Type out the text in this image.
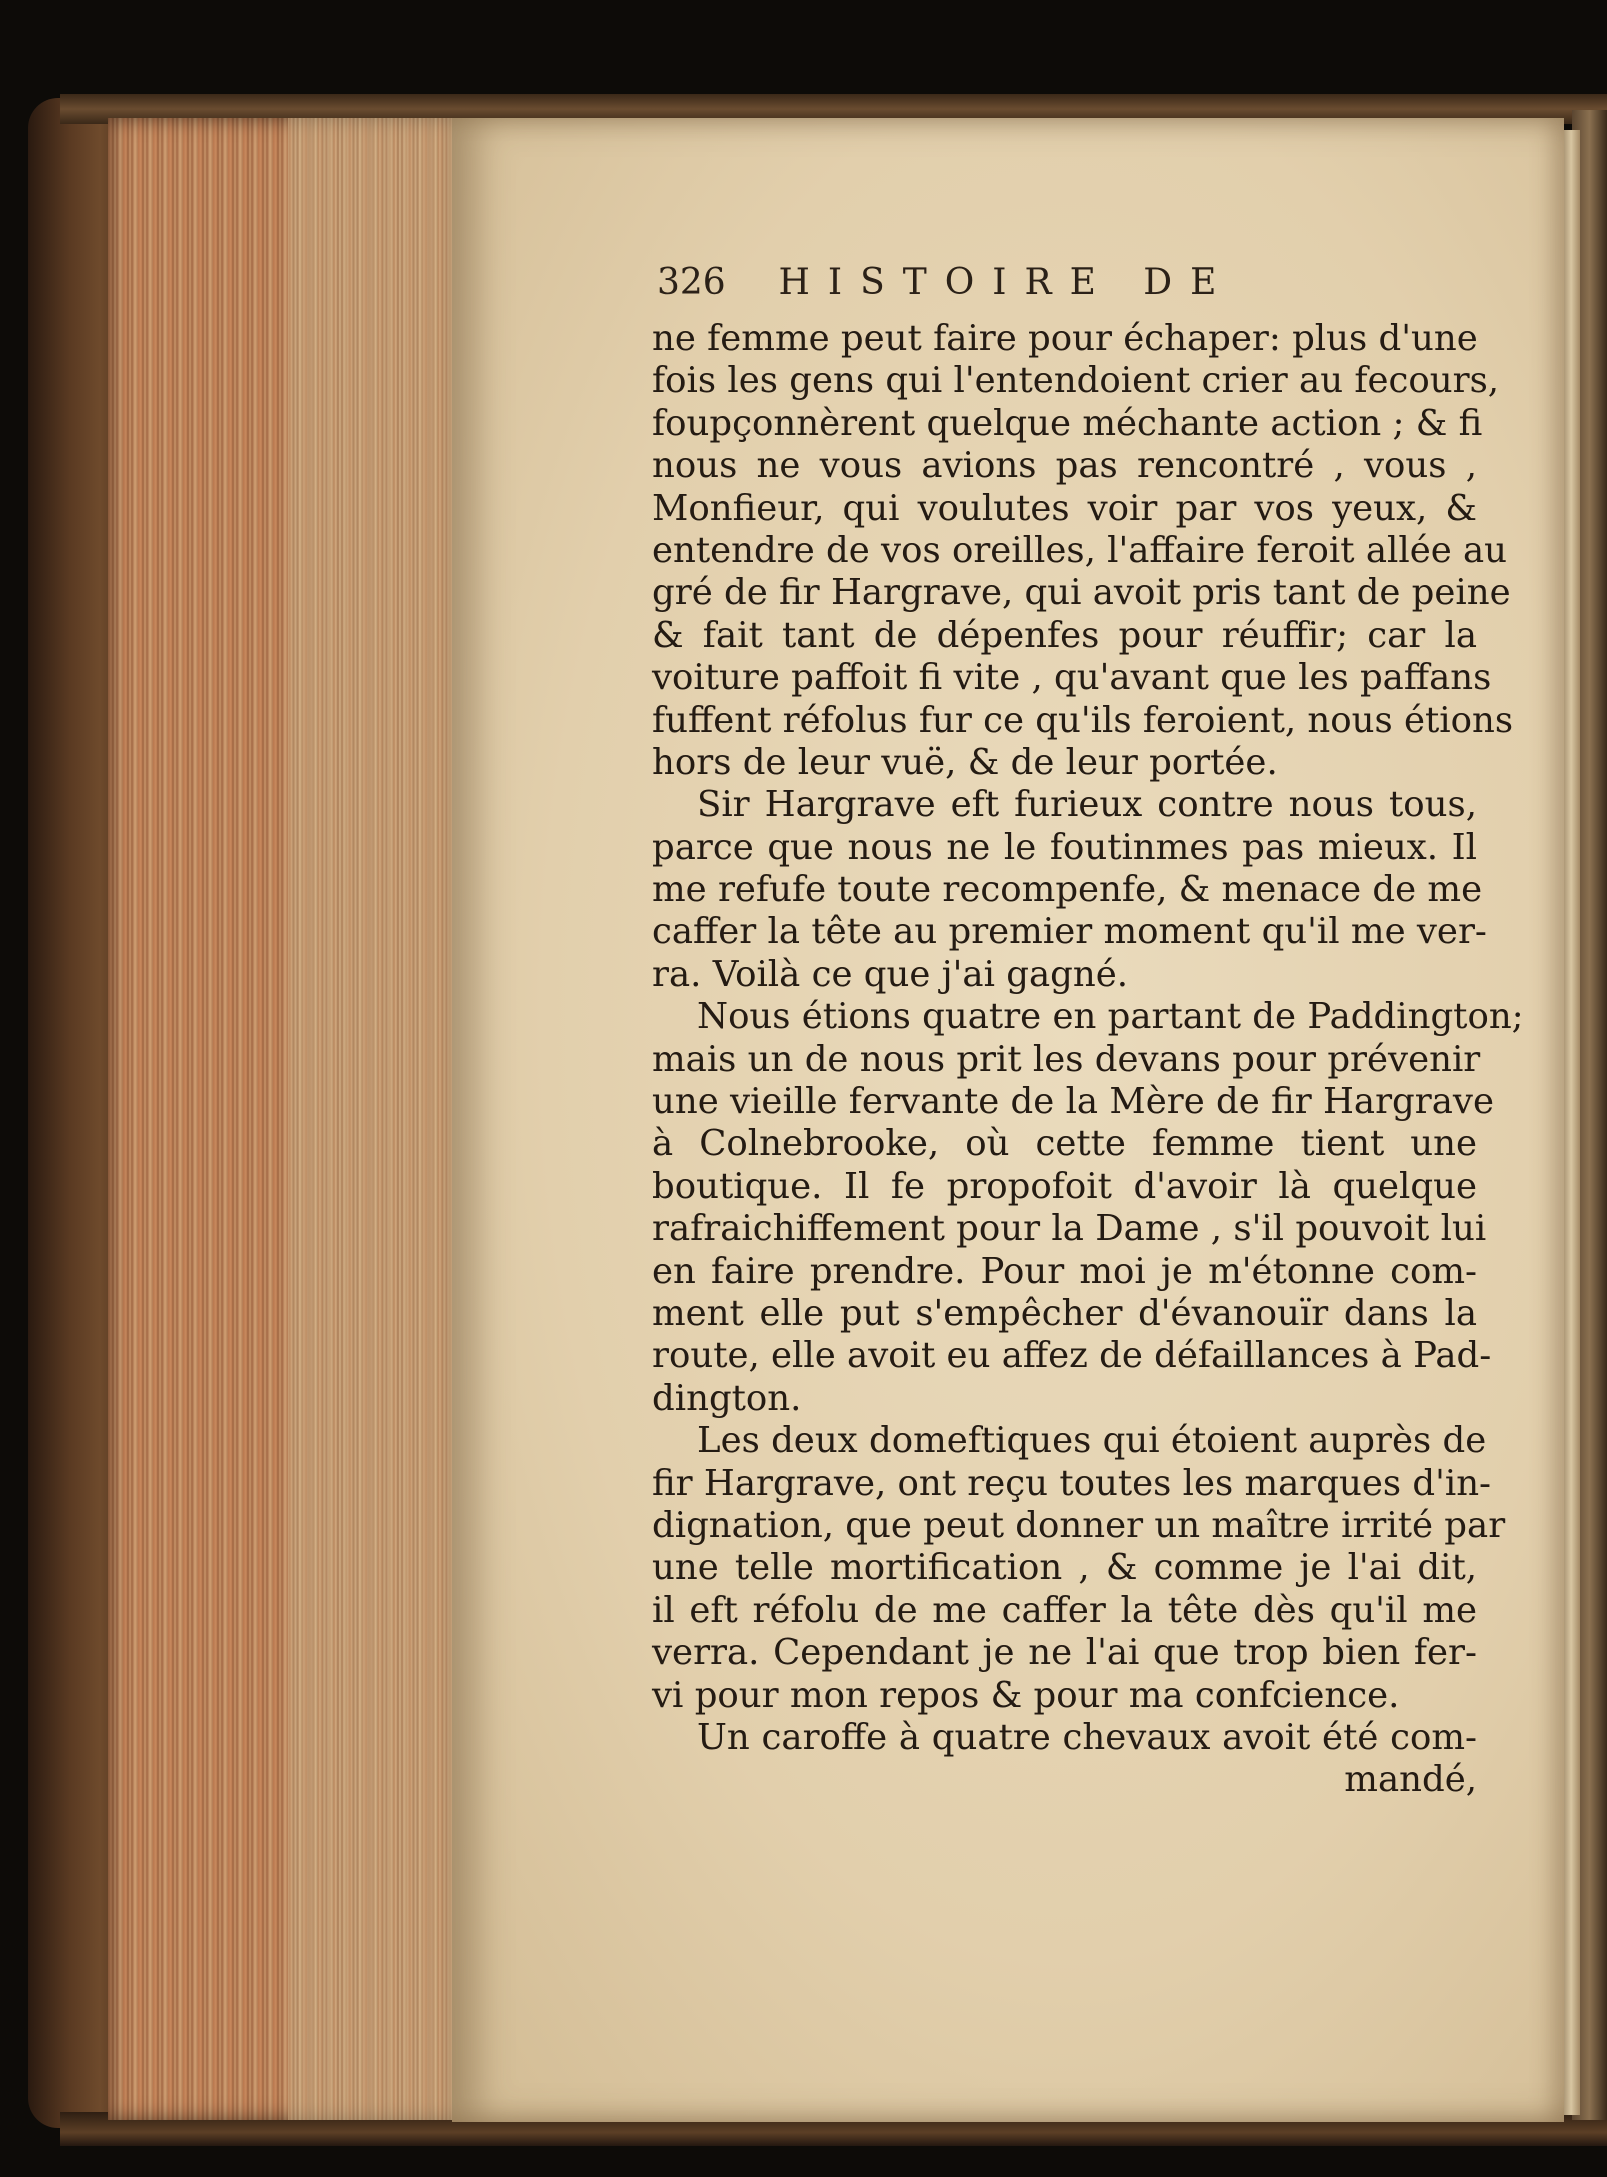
326 HISTOIRE DE
ne femme peut faire pour échaper: plus d'une
fois les gens qui l'entendoient crier au fecours,
foupçonnèrent quelque méchante action ; & fi
nous ne vous avions pas rencontré , vous ,
Monfieur, qui voulutes voir par vos yeux, &
entendre de vos oreilles, l'affaire feroit allée au
gré de fir Hargrave, qui avoit pris tant de peine
& fait tant de dépenfes pour réuffir; car la
voiture paffoit fi vite , qu'avant que les paffans
fuffent réfolus fur ce qu'ils feroient, nous étions
hors de leur vuë, & de leur portée.
Sir Hargrave eft furieux contre nous tous,
parce que nous ne le foutinmes pas mieux. Il
me refufe toute recompenfe, & menace de me
caffer la tête au premier moment qu'il me ver-
ra. Voilà ce que j'ai gagné.
Nous étions quatre en partant de Paddington;
mais un de nous prit les devans pour prévenir
une vieille fervante de la Mère de fir Hargrave
à Colnebrooke, où cette femme tient une
boutique. Il fe propofoit d'avoir là quelque
rafraichiffement pour la Dame , s'il pouvoit lui
en faire prendre. Pour moi je m'étonne com-
ment elle put s'empêcher d'évanouïr dans la
route, elle avoit eu affez de défaillances à Pad-
dington.
Les deux domeftiques qui étoient auprès de
fir Hargrave, ont reçu toutes les marques d'in-
dignation, que peut donner un maître irrité par
une telle mortification , & comme je l'ai dit,
il eft réfolu de me caffer la tête dès qu'il me
verra. Cependant je ne l'ai que trop bien fer-
vi pour mon repos & pour ma confcience.
Un caroffe à quatre chevaux avoit été com-
mandé,
